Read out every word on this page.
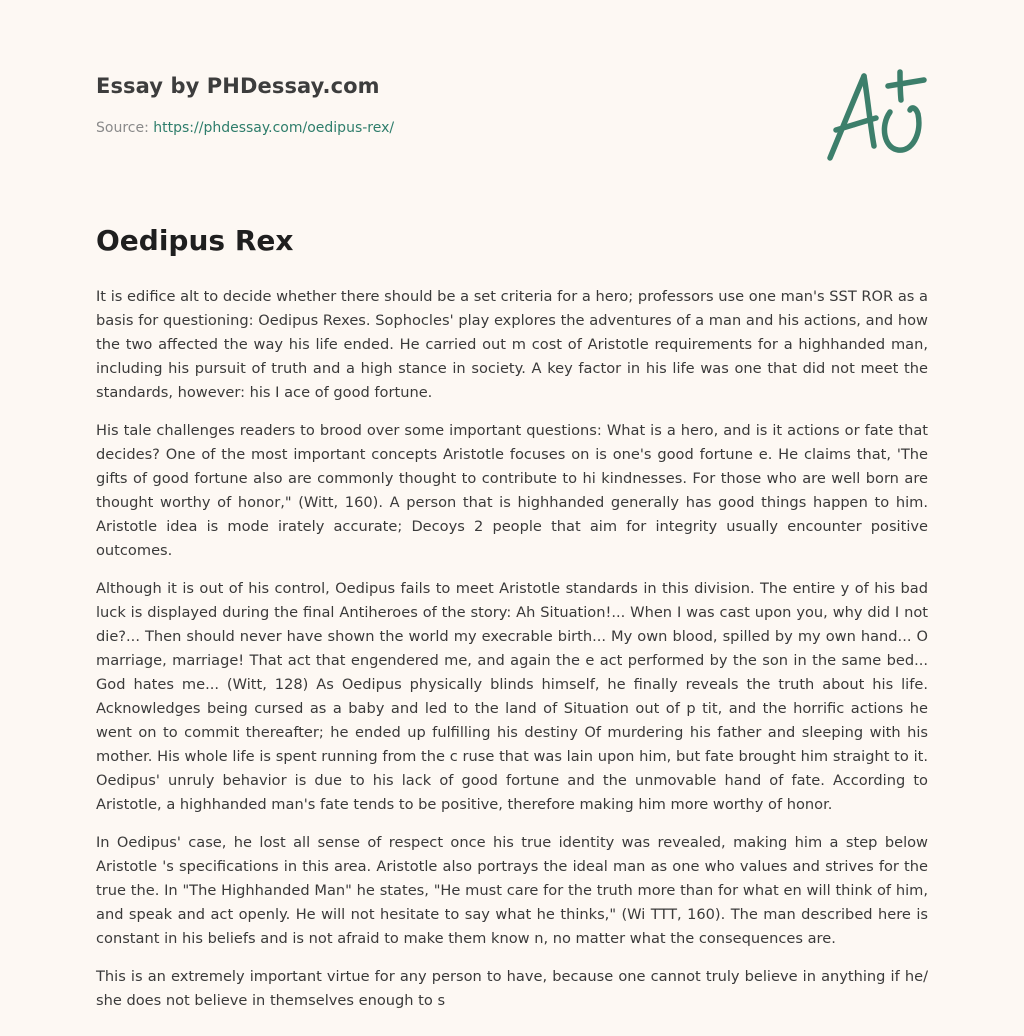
Essay by PHDessay.com
Source: https://phdessay.com/oedipus-rex/
Oedipus Rex

It is edifice alt to decide whether there should be a set criteria for a hero; professors use one man's SST ROR as a basis for questioning: Oedipus Rexes. Sophocles' play explores the adventures of a man and his actions, and how the two affected the way his life ended. He carried out m cost of Aristotle requirements for a highhanded man, including his pursuit of truth and a high stance in society. A key factor in his life was one that did not meet the standards, however: his I ace of good fortune.

His tale challenges readers to brood over some important questions: What is a hero, and is it actions or fate that decides? One of the most important concepts Aristotle focuses on is one's good fortune e. He claims that, 'The gifts of good fortune also are commonly thought to contribute to hi kindnesses. For those who are well born are thought worthy of honor," (Witt, 160). A person that is highhanded generally has good things happen to him. Aristotle idea is mode irately accurate; Decoys 2 people that aim for integrity usually encounter positive outcomes.

Although it is out of his control, Oedipus fails to meet Aristotle standards in this division. The entire y of his bad luck is displayed during the final Antiheroes of the story: Ah Situation!... When I was cast upon you, why did I not die?... Then should never have shown the world my execrable birth... My own blood, spilled by my own hand... O marriage, marriage! That act that engendered me, and again the e act performed by the son in the same bed... God hates me... (Witt, 128) As Oedipus physically blinds himself, he finally reveals the truth about his life. Acknowledges being cursed as a baby and led to the land of Situation out of p tit, and the horrific actions he went on to commit thereafter; he ended up fulfilling his destiny Of murdering his father and sleeping with his mother. His whole life is spent running from the c ruse that was lain upon him, but fate brought him straight to it. Oedipus' unruly behavior is due to his lack of good fortune and the unmovable hand of fate. According to Aristotle, a highhanded man's fate tends to be positive, therefore making him more worthy of honor.

In Oedipus' case, he lost all sense of respect once his true identity was revealed, making him a step below Aristotle 's specifications in this area. Aristotle also portrays the ideal man as one who values and strives for the true the. In "The Highhanded Man" he states, "He must care for the truth more than for what en will think of him, and speak and act openly. He will not hesitate to say what he thinks," (Wi TTT, 160). The man described here is constant in his beliefs and is not afraid to make them know n, no matter what the consequences are.

This is an extremely important virtue for any person to have, because one cannot truly believe in anything if he/ she does not believe in themselves enough to s
